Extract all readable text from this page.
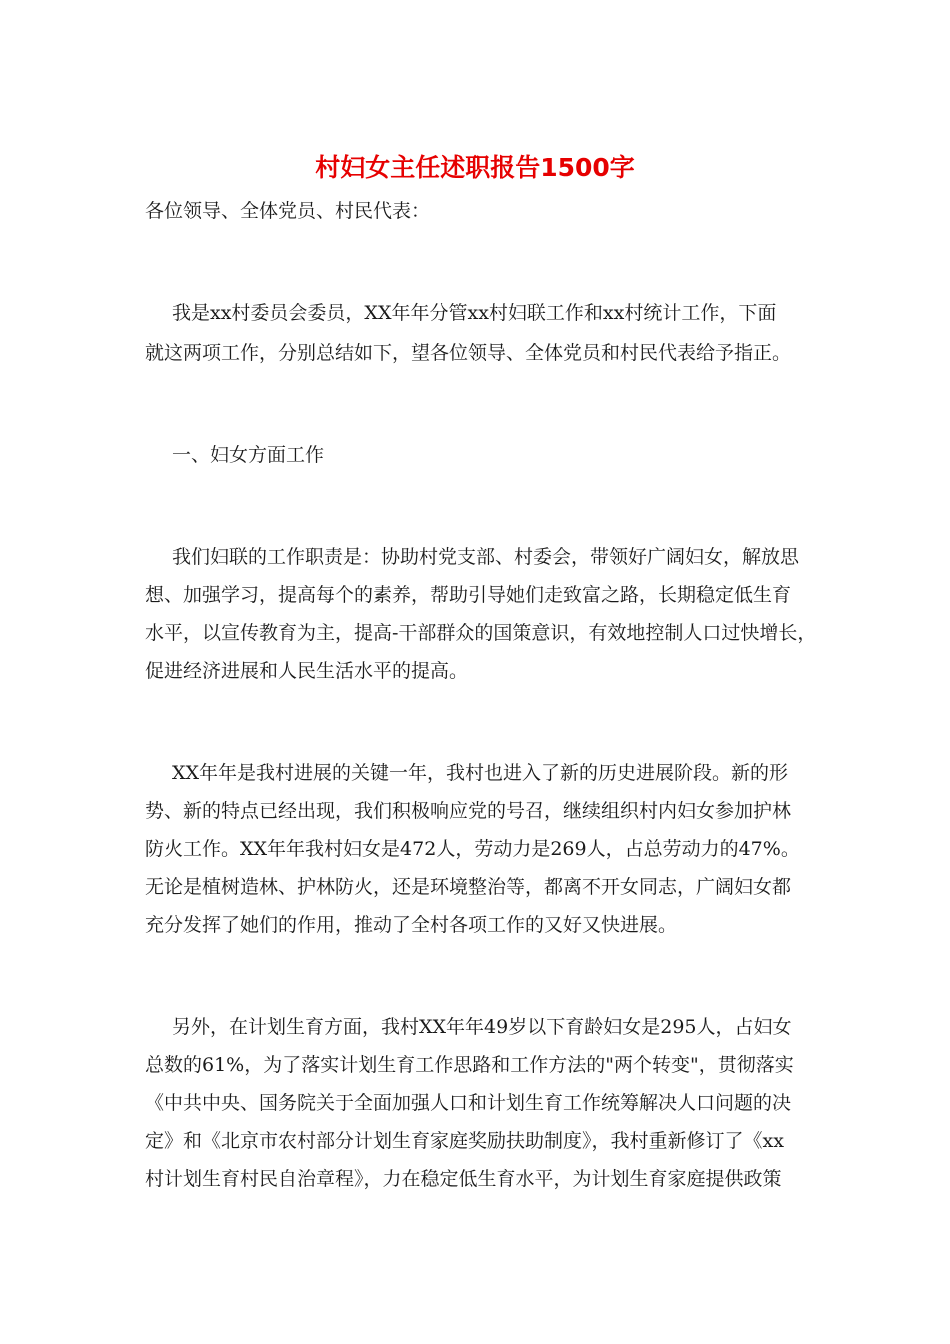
村妇女主任述职报告1500字
各位领导、全体党员、村民代表：
我是xx村委员会委员，XX年年分管xx村妇联工作和xx村统计工作，下面
就这两项工作，分别总结如下，望各位领导、全体党员和村民代表给予指正。
一、妇女方面工作
我们妇联的工作职责是：协助村党支部、村委会，带领好广阔妇女，解放思
想、加强学习，提高每个的素养，帮助引导她们走致富之路，长期稳定低生育
水平，以宣传教育为主，提高-干部群众的国策意识，有效地控制人口过快增长，
促进经济进展和人民生活水平的提高。
XX年年是我村进展的关键一年，我村也进入了新的历史进展阶段。新的形
势、新的特点已经出现，我们积极响应党的号召，继续组织村内妇女参加护林
防火工作。XX年年我村妇女是472人，劳动力是269人，占总劳动力的47%。
无论是植树造林、护林防火，还是环境整治等，都离不开女同志，广阔妇女都
充分发挥了她们的作用，推动了全村各项工作的又好又快进展。
另外，在计划生育方面，我村XX年年49岁以下育龄妇女是295人，占妇女
总数的61%，为了落实计划生育工作思路和工作方法的"两个转变"，贯彻落实
《中共中央、国务院关于全面加强人口和计划生育工作统筹解决人口问题的决
定》和《北京市农村部分计划生育家庭奖励扶助制度》，我村重新修订了《xx
村计划生育村民自治章程》，力在稳定低生育水平，为计划生育家庭提供政策
